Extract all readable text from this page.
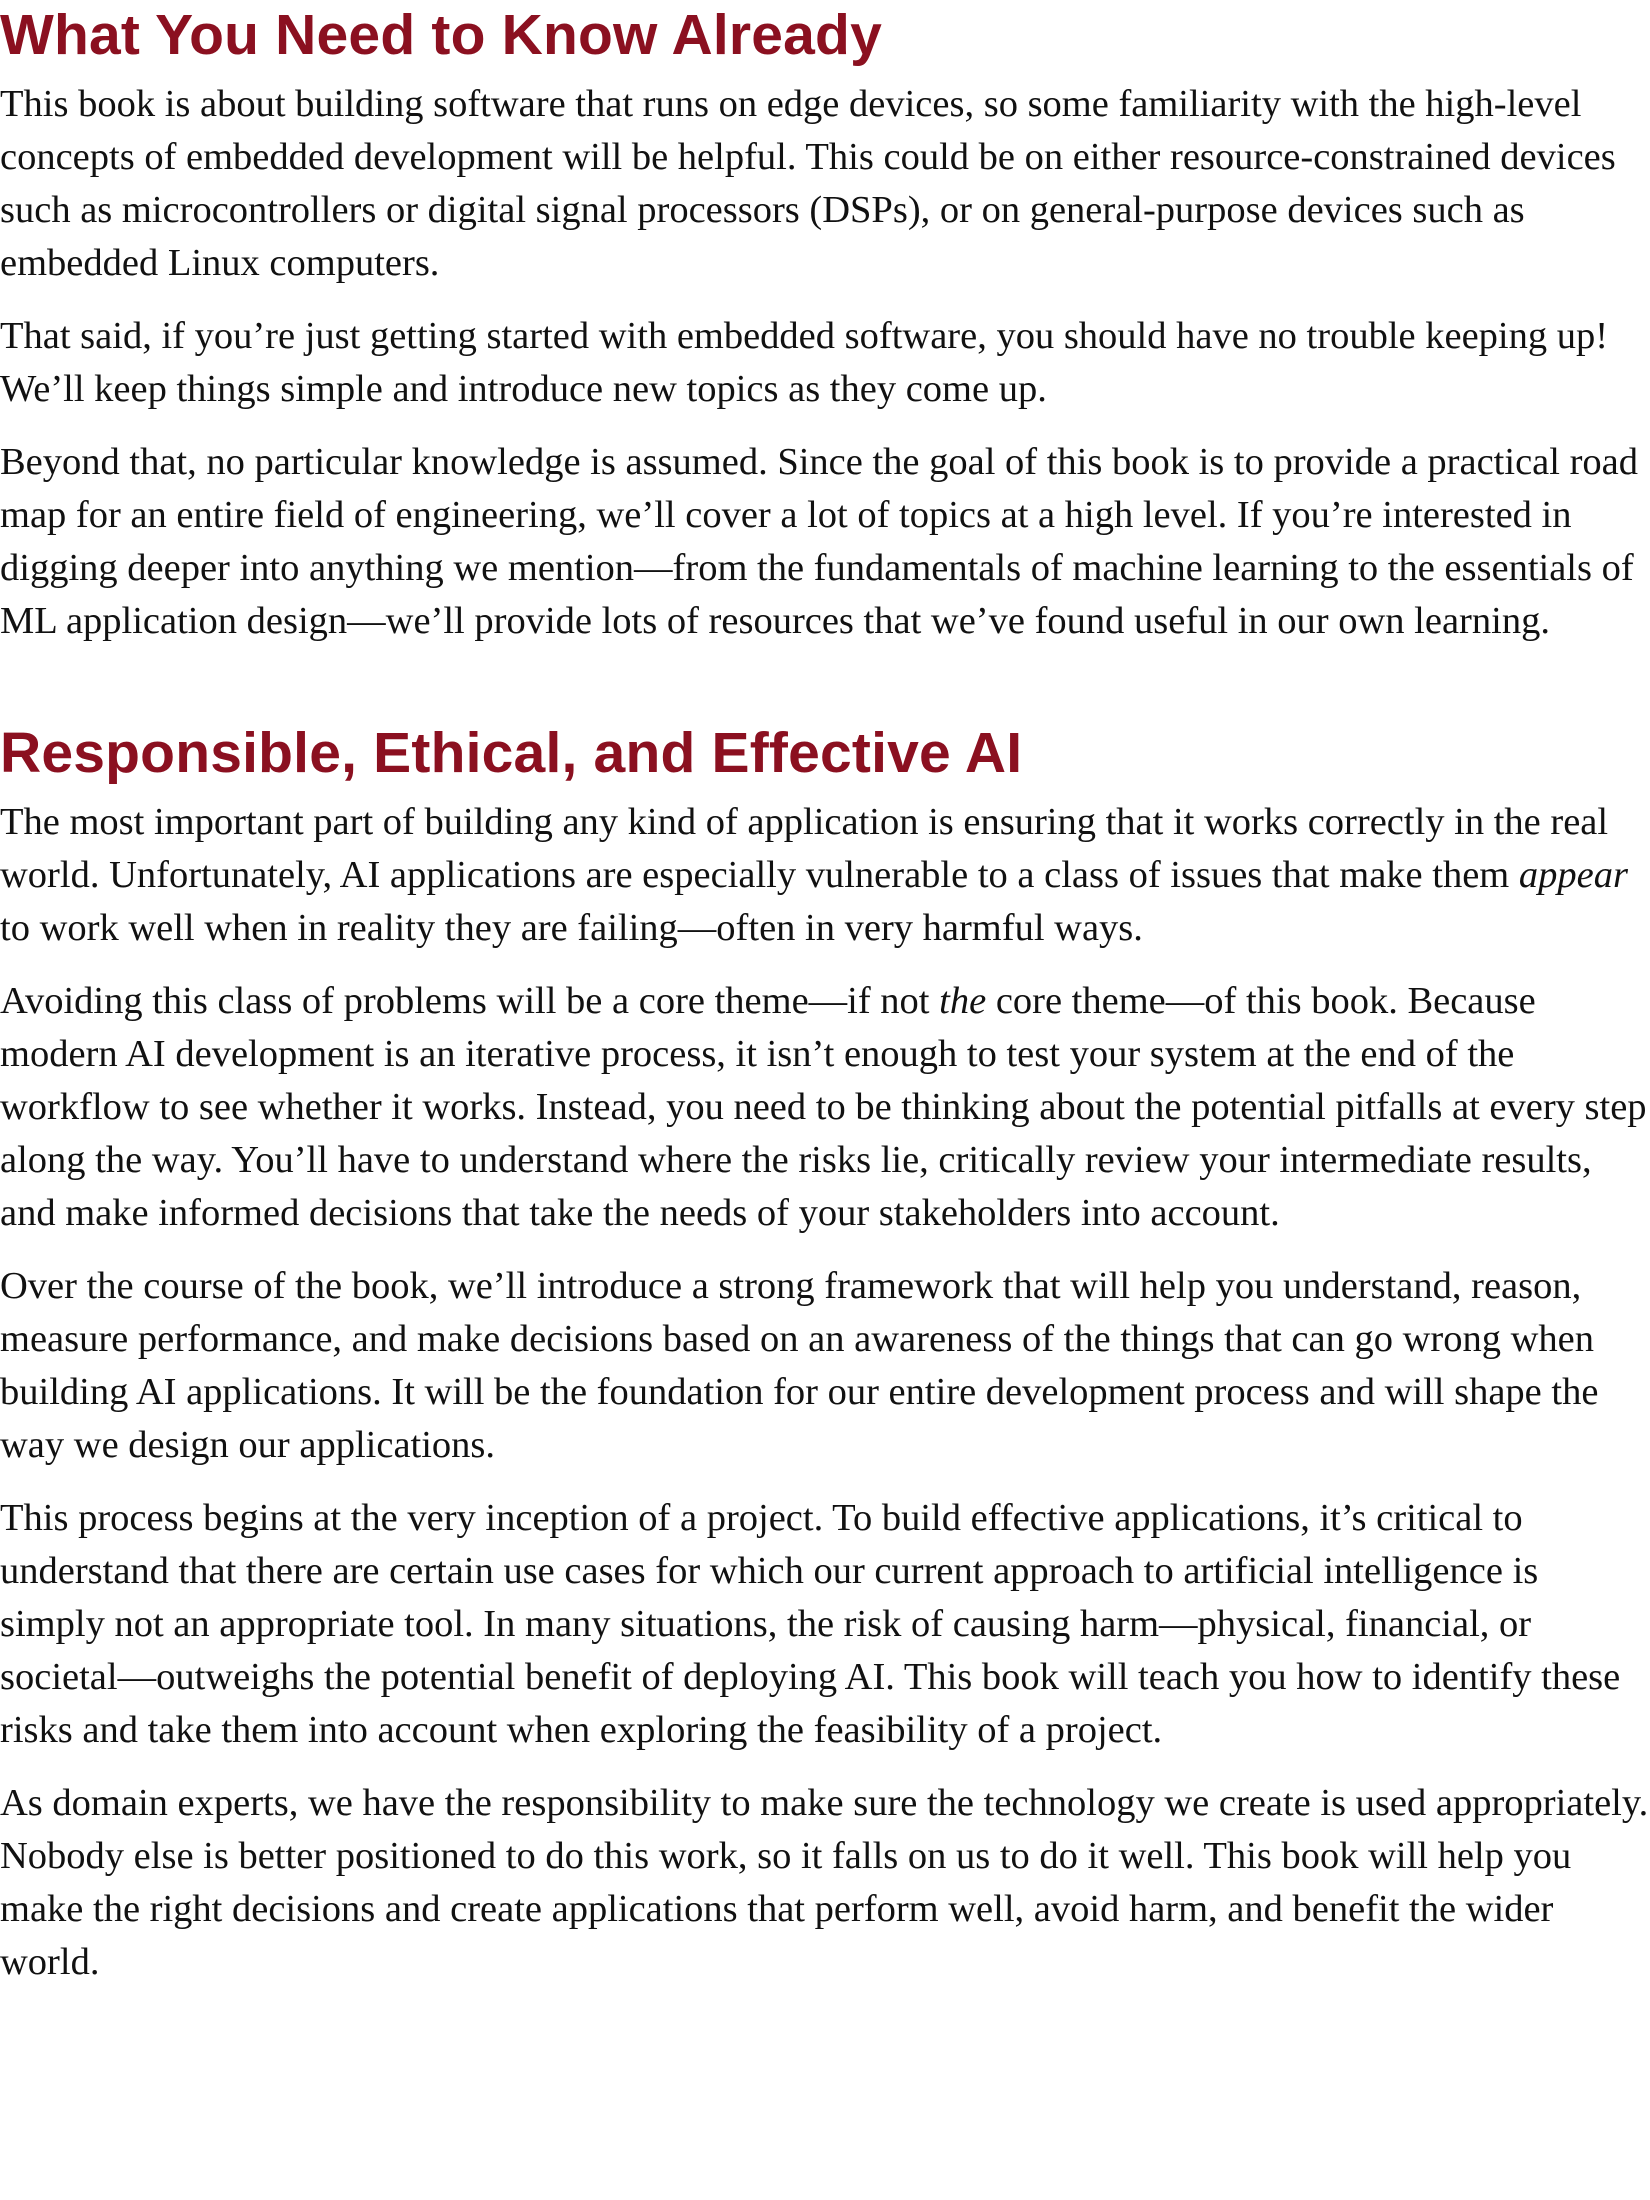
What You Need to Know Already

This book is about building software that runs on edge devices, so some familiarity with the high-level concepts of embedded development will be helpful. This could be on either resource-constrained devices such as microcontrollers or digital signal processors (DSPs), or on general-purpose devices such as embedded Linux computers.

That said, if you’re just getting started with embedded software, you should have no trouble keeping up! We’ll keep things simple and introduce new topics as they come up.

Beyond that, no particular knowledge is assumed. Since the goal of this book is to provide a practical road map for an entire field of engineering, we’ll cover a lot of topics at a high level. If you’re interested in digging deeper into anything we mention—from the fundamentals of machine learning to the essentials of ML application design—we’ll provide lots of resources that we’ve found useful in our own learning.

Responsible, Ethical, and Effective AI

The most important part of building any kind of application is ensuring that it works correctly in the real world. Unfortunately, AI applications are especially vulnerable to a class of issues that make them appear to work well when in reality they are failing—often in very harmful ways.

Avoiding this class of problems will be a core theme—if not the core theme—of this book. Because modern AI development is an iterative process, it isn’t enough to test your system at the end of the workflow to see whether it works. Instead, you need to be thinking about the potential pitfalls at every step along the way. You’ll have to understand where the risks lie, critically review your intermediate results, and make informed decisions that take the needs of your stakeholders into account.

Over the course of the book, we’ll introduce a strong framework that will help you understand, reason, measure performance, and make decisions based on an awareness of the things that can go wrong when building AI applications. It will be the foundation for our entire development process and will shape the way we design our applications.

This process begins at the very inception of a project. To build effective applications, it’s critical to understand that there are certain use cases for which our current approach to artificial intelligence is simply not an appropriate tool. In many situations, the risk of causing harm—physical, financial, or societal—outweighs the potential benefit of deploying AI. This book will teach you how to identify these risks and take them into account when exploring the feasibility of a project.

As domain experts, we have the responsibility to make sure the technology we create is used appropriately. Nobody else is better positioned to do this work, so it falls on us to do it well. This book will help you make the right decisions and create applications that perform well, avoid harm, and benefit the wider world.
